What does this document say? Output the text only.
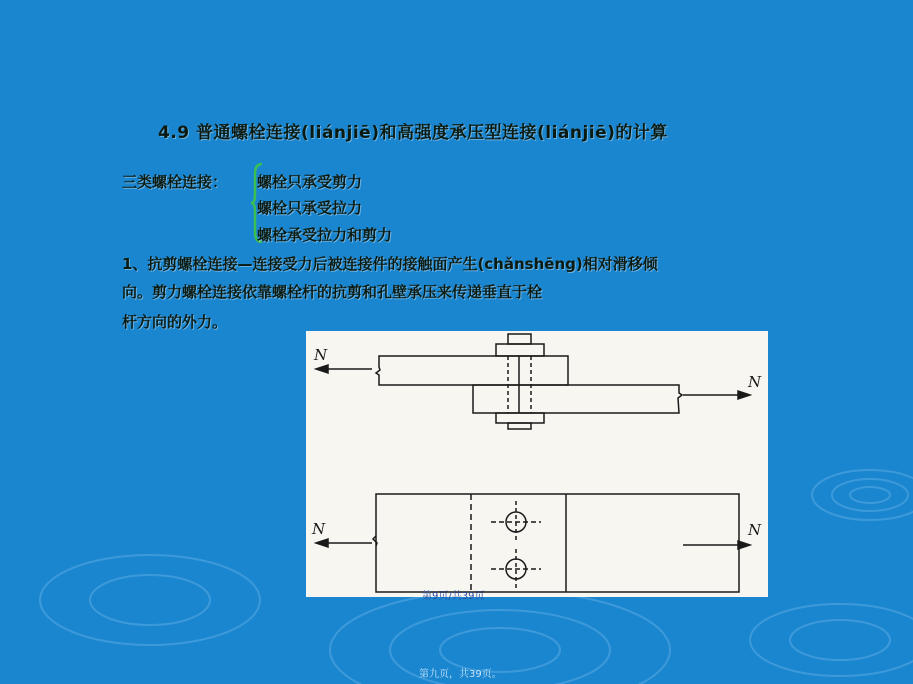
4.9 普通螺栓连接(liánjiē)和高强度承压型连接(liánjiē)的计算
三类螺栓连接： 螺栓只承受剪力
螺栓只承受拉力
螺栓承受拉力和剪力
1、抗剪螺栓连接—连接受力后被连接件的接触面产生(chǎnshēng)相对滑移倾
向。剪力螺栓连接依靠螺栓杆的抗剪和孔壁承压来传递垂直于栓
杆方向的外力。
N
N
N	N
第9页/共39页
第九页，共39页。
